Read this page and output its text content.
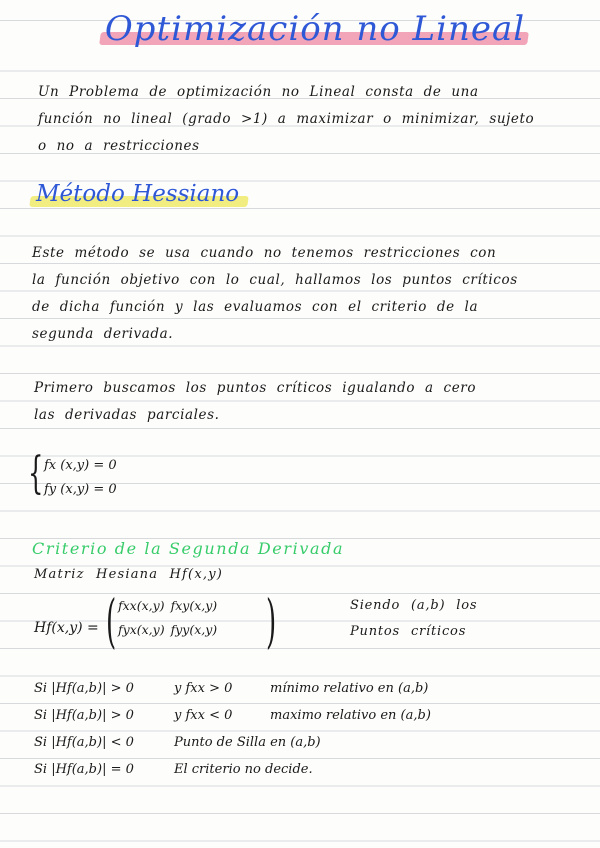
Optimización no Lineal
Un Problema de optimización no Lineal consta de una
función no lineal (grado >1) a maximizar o minimizar, sujeto
o no a restricciones
Método Hessiano
Este método se usa cuando no tenemos restricciones con
la función objetivo con lo cual, hallamos los puntos críticos
de dicha función y las evaluamos con el criterio de la
segunda derivada.
Primero buscamos los puntos críticos igualando a cero
las derivadas parciales.
{ fx (x,y) = 0
fy (x,y) = 0
Criterio de la Segunda Derivada
Matriz Hesiana Hf(x,y)
Hf(x,y) = ( fxx(x,y)	fxy(x,y)
fyx(x,y)	fyy(x,y) )	Siendo (a,b) los
Puntos críticos
Si |Hf(a,b)| > 0	y fxx > 0	mínimo relativo en (a,b)
Si |Hf(a,b)| > 0	y fxx < 0	maximo relativo en (a,b)
Si |Hf(a,b)| < 0	Punto de Silla en (a,b)
Si |Hf(a,b)| = 0	El criterio no decide.
